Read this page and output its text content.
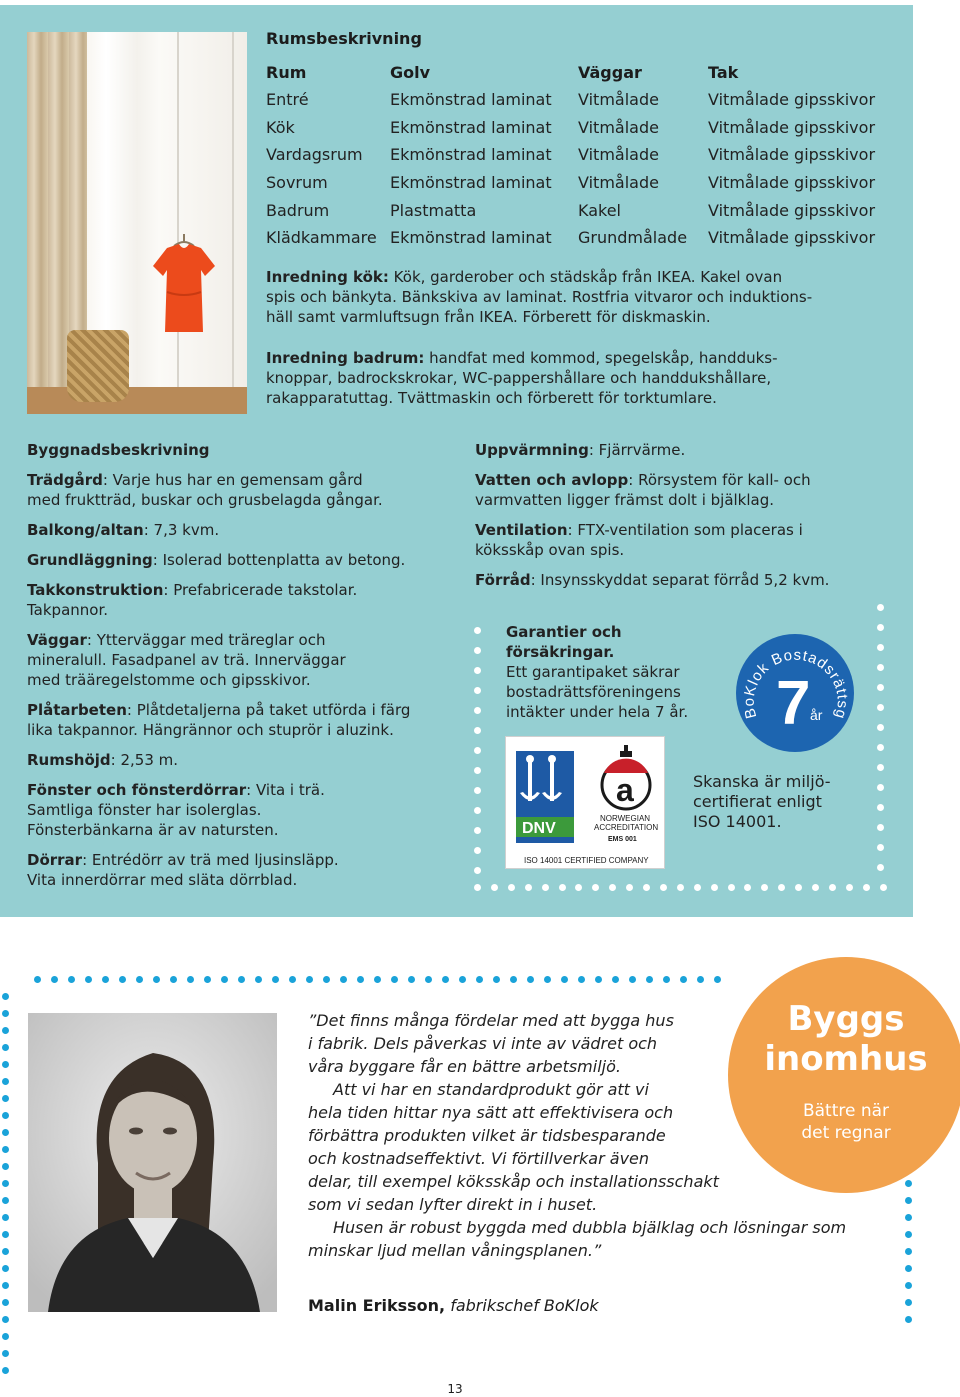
Rumsbeskrivning
Rum	Golv	Väggar	Tak
Entré	Ekmönstrad laminat	Vitmålade	Vitmålade gipsskivor
Kök	Ekmönstrad laminat	Vitmålade	Vitmålade gipsskivor
Vardagsrum	Ekmönstrad laminat	Vitmålade	Vitmålade gipsskivor
Sovrum	Ekmönstrad laminat	Vitmålade	Vitmålade gipsskivor
Badrum	Plastmatta	Kakel	Vitmålade gipsskivor
Klädkammare	Ekmönstrad laminat	Grundmålade	Vitmålade gipsskivor
Inredning kök: Kök, garderober och städskåp från IKEA. Kakel ovan
spis och bänkyta. Bänkskiva av laminat. Rostfria vitvaror och induktions-
häll samt varmluftsugn från IKEA. Förberett för diskmaskin.
Inredning badrum: handfat med kommod, spegelskåp, handduks-
knoppar, badrockskrokar, WC-pappershållare och handdukshållare,
rakapparatuttag. Tvättmaskin och förberett för torktumlare.
Byggnadsbeskrivning
Trädgård: Varje hus har en gemensam gård
med fruktträd, buskar och grusbelagda gångar.
Balkong/altan: 7,3 kvm.
Grundläggning: Isolerad bottenplatta av betong.
Takkonstruktion: Prefabricerade takstolar.
Takpannor.
Väggar: Ytterväggar med träreglar och
mineralull. Fasadpanel av trä. Innerväggar
med trääregelstomme och gipsskivor.
Plåtarbeten: Plåtdetaljerna på taket utförda i färg
lika takpannor. Hängrännor och stuprör i aluzink.
Rumshöjd: 2,53 m.
Fönster och fönsterdörrar: Vita i trä.
Samtliga fönster har isolerglas.
Fönsterbänkarna är av natursten.
Dörrar: Entrédörr av trä med ljusinsläpp.
Vita innerdörrar med släta dörrblad.
Uppvärmning: Fjärrvärme.
Vatten och avlopp: Rörsystem för kall- och
varmvatten ligger främst dolt i bjälklag.
Ventilation: FTX-ventilation som placeras i
köksskåp ovan spis.
Förråd: Insynsskyddat separat förråd 5,2 kvm.
Garantier och
försäkringar.
Ett garantipaket säkrar
bostadrättsföreningens
intäkter under hela 7 år.	BoKlok Bostadsrättsg
7 år
DNV
a
NORWEGIAN
ACCREDITATION
EMS 001
ISO 14001 CERTIFIED COMPANY
Skanska är miljö-
certifierat enligt
ISO 14001.
Byggs
inomhus
Bättre när
det regnar
”Det finns många fördelar med att bygga hus
i fabrik. Dels påverkas vi inte av vädret och
våra byggare får en bättre arbetsmiljö.
Att vi har en standardprodukt gör att vi
hela tiden hittar nya sätt att effektivisera och
förbättra produkten vilket är tidsbesparande
och kostnadseffektivt. Vi förtillverkar även
delar, till exempel köksskåp och installationsschakt
som vi sedan lyfter direkt in i huset.
Husen är robust byggda med dubbla bjälklag och lösningar som
minskar ljud mellan våningsplanen.”
Malin Eriksson, fabrikschef BoKlok
13
